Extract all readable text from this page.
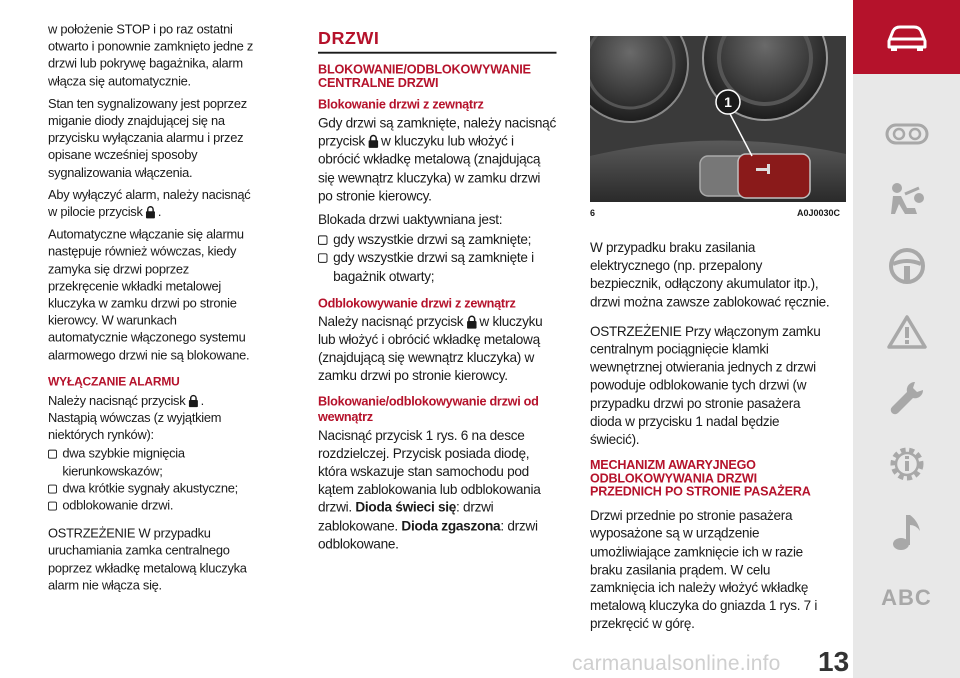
w położenie STOP i po raz ostatni otwarto i ponownie zamknięto jedne z drzwi lub pokrywę bagażnika, alarm włącza się automatycznie.

Stan ten sygnalizowany jest poprzez miganie diody znajdującej się na przycisku wyłączania alarmu i przez opisane wcześniej sposoby sygnalizowania włączenia.

Aby wyłączyć alarm, należy nacisnąć w pilocie przycisk .

Automatyczne włączanie się alarmu następuje również wówczas, kiedy zamyka się drzwi poprzez przekręcenie wkładki metalowej kluczyka w zamku drzwi po stronie kierowcy. W warunkach automatycznie włączonego systemu alarmowego drzwi nie są blokowane.

WYŁĄCZANIE ALARMU

Należy nacisnąć przycisk . Nastąpią wówczas (z wyjątkiem niektórych rynków):

dwa szybkie mignięcia kierunkowskazów;
dwa krótkie sygnały akustyczne;
odblokowanie drzwi.

OSTRZEŻENIE W przypadku uruchamiania zamka centralnego poprzez wkładkę metalową kluczyka alarm nie włącza się.

DRZWI
BLOKOWANIE/ODBLOKOWYWANIE CENTRALNE DRZWI
Blokowanie drzwi z zewnątrz

Gdy drzwi są zamknięte, należy nacisnąć przycisk w kluczyku lub włożyć i obrócić wkładkę metalową (znajdującą się wewnątrz kluczyka) w zamku drzwi po stronie kierowcy.

Blokada drzwi uaktywniana jest:

gdy wszystkie drzwi są zamknięte;
gdy wszystkie drzwi są zamknięte i bagażnik otwarty;
Odblokowywanie drzwi z zewnątrz

Należy nacisnąć przycisk w kluczyku lub włożyć i obrócić wkładkę metalową (znajdującą się wewnątrz kluczyka) w zamku drzwi po stronie kierowcy.

Blokowanie/odblokowywanie drzwi od wewnątrz

Nacisnąć przycisk 1 rys. 6 na desce rozdzielczej. Przycisk posiada diodę, która wskazuje stan samochodu pod kątem zablokowania lub odblokowania drzwi. Dioda świeci się: drzwi zablokowane. Dioda zgaszona: drzwi odblokowane.

1
6	A0J0030C

W przypadku braku zasilania elektrycznego (np. przepalony bezpiecznik, odłączony akumulator itp.), drzwi można zawsze zablokować ręcznie.

OSTRZEŻENIE Przy włączonym zamku centralnym pociągnięcie klamki wewnętrznej otwierania jednych z drzwi powoduje odblokowanie tych drzwi (w przypadku drzwi po stronie pasażera dioda w przycisku 1 nadal będzie świecić).

MECHANIZM AWARYJNEGO ODBLOKOWYWANIA DRZWI PRZEDNICH PO STRONIE PASAŻERA

Drzwi przednie po stronie pasażera wyposażone są w urządzenie umożliwiające zamknięcie ich w razie braku zasilania prądem. W celu zamknięcia ich należy włożyć wkładkę metalową kluczyka do gniazda 1 rys. 7 i przekręcić w górę.

ABC
carmanualsonline.info 13
